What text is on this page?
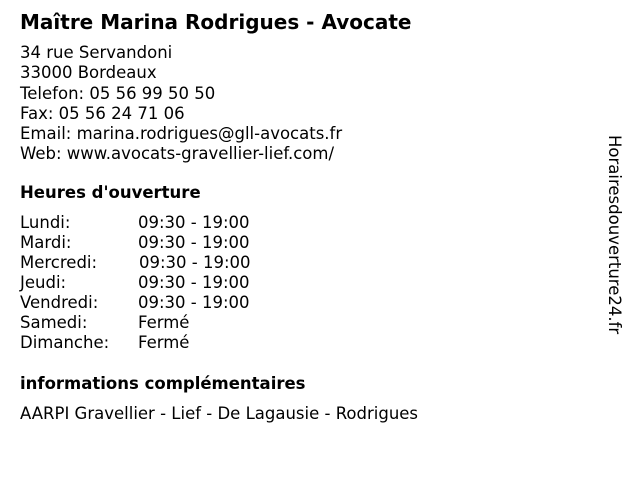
Maître Marina Rodrigues - Avocate
34 rue Servandoni
33000 Bordeaux
Telefon: 05 56 99 50 50
Fax: 05 56 24 71 06
Email: marina.rodrigues@gll-avocats.fr
Web: www.avocats-gravellier-lief.com/
Heures d'ouverture
Lundi:	09:30 - 19:00
Mardi:	09:30 - 19:00
Mercredi:	09:30 - 19:00
Jeudi:	09:30 - 19:00
Vendredi: 09:30 - 19:00
Samedi:	Fermé
Dimanche: Fermé
informations complémentaires
AARPI Gravellier - Lief - De Lagausie - Rodrigues
Horairesdouverture24.fr
